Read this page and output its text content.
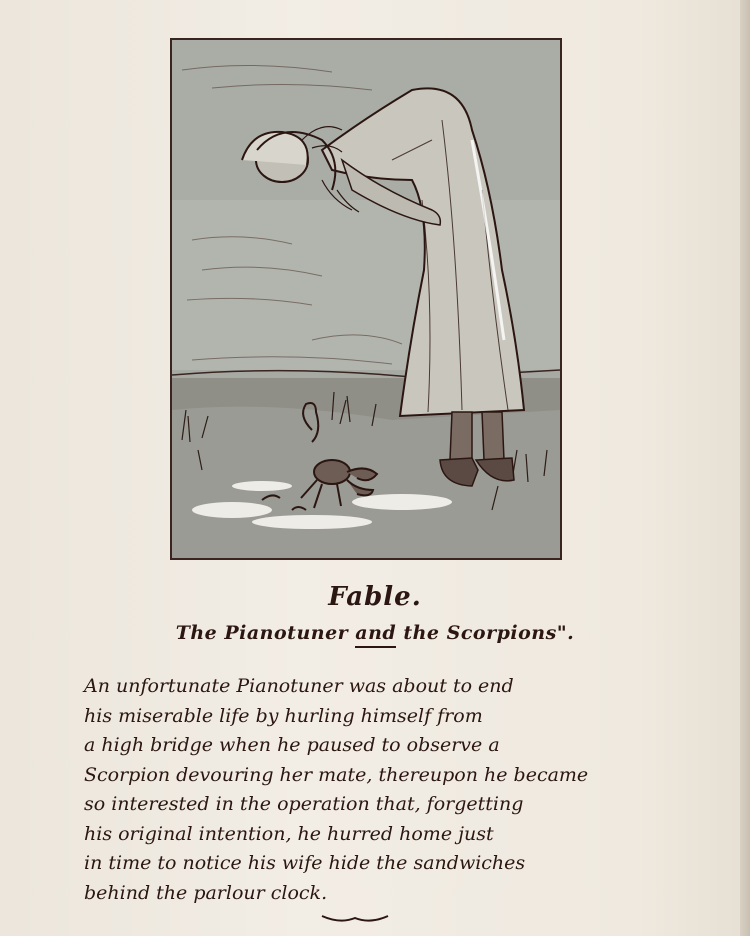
Fable.
The Pianotuner and the Scorpions".
An unfortunate Pianotuner was about to end
his miserable life by hurling himself from
a high bridge when he paused to observe a
Scorpion devouring her mate, thereupon he became
so interested in the operation that, forgetting
his original intention, he hurred home just
in time to notice his wife hide the sandwiches
behind the parlour clock.
